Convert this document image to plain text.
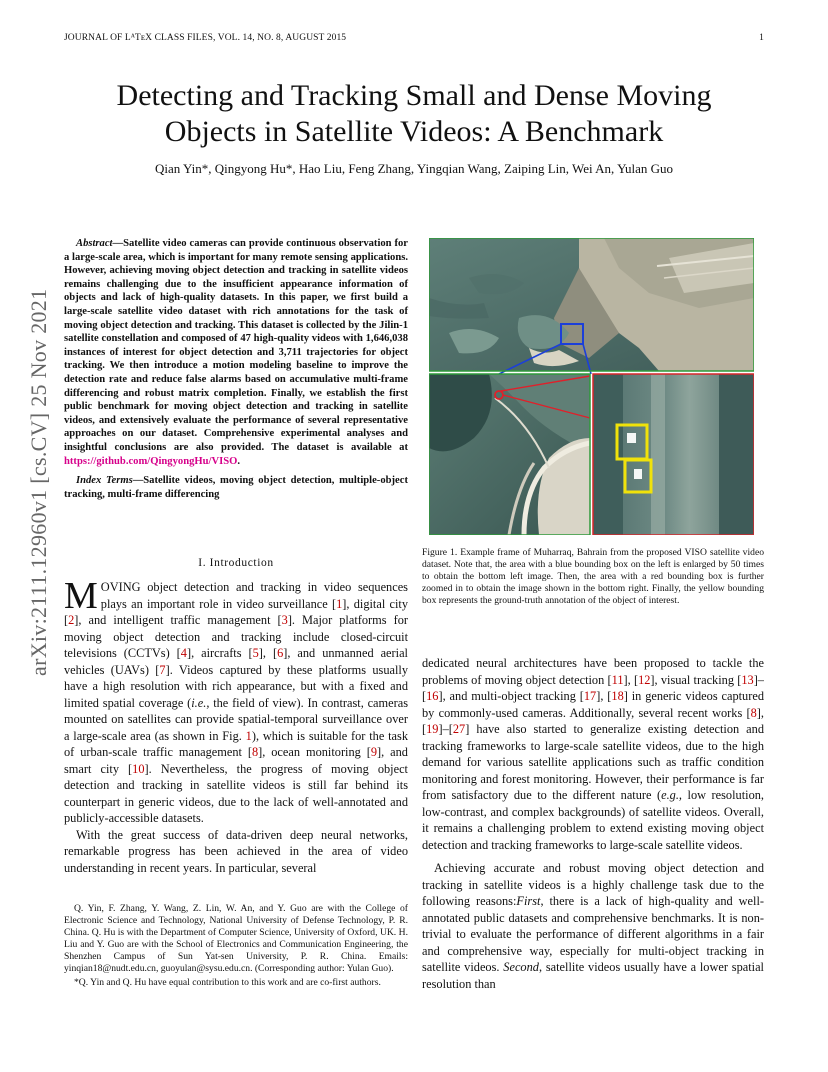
JOURNAL OF LᴬTᴇX CLASS FILES, VOL. 14, NO. 8, AUGUST 2015	1
Detecting and Tracking Small and Dense Moving
Objects in Satellite Videos: A Benchmark
Qian Yin*, Qingyong Hu*, Hao Liu, Feng Zhang, Yingqian Wang, Zaiping Lin, Wei An, Yulan Guo
arXiv:2111.12960v1 [cs.CV] 25 Nov 2021
Abstract—Satellite video cameras can provide continuous observation for a large-scale area, which is important for many remote sensing applications. However, achieving moving object detection and tracking in satellite videos remains challenging due to the insufficient appearance information of objects and lack of high-quality datasets. In this paper, we first build a large-scale satellite video dataset with rich annotations for the task of moving object detection and tracking. This dataset is collected by the Jilin-1 satellite constellation and composed of 47 high-quality videos with 1,646,038 instances of interest for object detection and 3,711 trajectories for object tracking. We then introduce a motion modeling baseline to improve the detection rate and reduce false alarms based on accumulative multi-frame differencing and robust matrix completion. Finally, we establish the first public benchmark for moving object detection and tracking in satellite videos, and extensively evaluate the performance of several representative approaches on our dataset. Comprehensive experimental analyses and insightful conclusions are also provided. The dataset is available at https://github.com/QingyongHu/VISO.
Index Terms—Satellite videos, moving object detection, multiple-object tracking, multi-frame differencing
I. Introduction

MOVING object detection and tracking in video sequences plays an important role in video surveillance [1], digital city [2], and intelligent traffic management [3]. Major platforms for moving object detection and tracking include closed-circuit televisions (CCTVs) [4], aircrafts [5], [6], and unmanned aerial vehicles (UAVs) [7]. Videos captured by these platforms usually have a high resolution with rich appearance, but with a fixed and limited spatial coverage (i.e., the field of view). In contrast, cameras mounted on satellites can provide spatial-temporal surveillance over a large-scale area (as shown in Fig. 1), which is suitable for the task of urban-scale traffic management [8], ocean monitoring [9], and smart city [10]. Nevertheless, the progress of moving object detection and tracking in satellite videos is still far behind its counterpart in generic videos, due to the lack of well-annotated and publicly-accessible datasets.

With the great success of data-driven deep neural networks, remarkable progress has been achieved in the area of video understanding in recent years. In particular, several

Q. Yin, F. Zhang, Y. Wang, Z. Lin, W. An, and Y. Guo are with the College of Electronic Science and Technology, National University of Defense Technology, P. R. China. Q. Hu is with the Department of Computer Science, University of Oxford, UK. H. Liu and Y. Guo are with the School of Electronics and Communication Engineering, the Shenzhen Campus of Sun Yat-sen University, P. R. China. Emails: yinqian18@nudt.edu.cn, guoyulan@sysu.edu.cn. (Corresponding author: Yulan Guo).

*Q. Yin and Q. Hu have equal contribution to this work and are co-first authors.

Figure 1. Example frame of Muharraq, Bahrain from the proposed VISO satellite video dataset. Note that, the area with a blue bounding box on the left is enlarged by 50 times to obtain the bottom left image. Then, the area with a red bounding box is further zoomed in to obtain the image shown in the bottom right. Finally, the yellow bounding box represents the ground-truth annotation of the object of interest.

dedicated neural architectures have been proposed to tackle the problems of moving object detection [11], [12], visual tracking [13]–[16], and multi-object tracking [17], [18] in generic videos captured by commonly-used cameras. Additionally, several recent works [8], [19]–[27] have also started to generalize existing detection and tracking frameworks to large-scale satellite videos, due to the high demand for various satellite applications such as traffic condition monitoring and forest monitoring. However, their performance is far from satisfactory due to the different nature (e.g., low resolution, low-contrast, and complex backgrounds) of satellite videos. Overall, it remains a challenging problem to extend existing moving object detection and tracking frameworks to large-scale satellite videos.

Achieving accurate and robust moving object detection and tracking in satellite videos is a highly challenge task due to the following reasons:First, there is a lack of high-quality and well-annotated public datasets and comprehensive benchmarks. It is non-trivial to evaluate the performance of different algorithms in a fair and comprehensive way, especially for multi-object tracking in satellite videos. Second, satellite videos usually have a lower spatial resolution than
